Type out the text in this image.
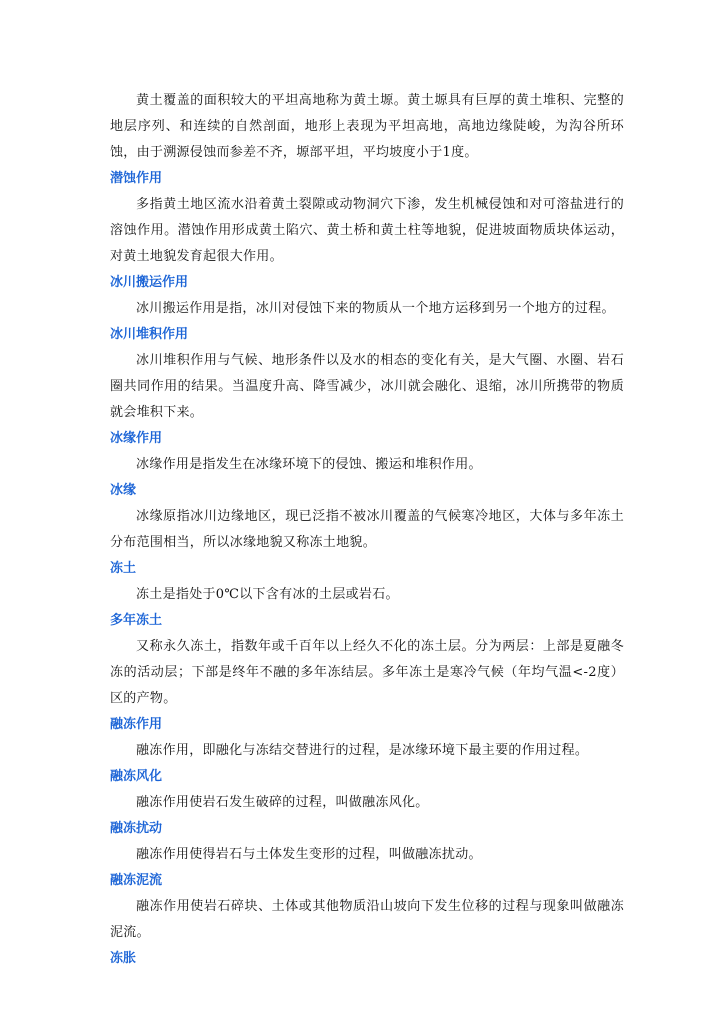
黄土覆盖的面积较大的平坦高地称为黄土塬。黄土塬具有巨厚的黄土堆积、完整的地层序列、和连续的自然剖面，地形上表现为平坦高地，高地边缘陡峻，为沟谷所环蚀，由于溯源侵蚀而参差不齐，塬部平坦，平均坡度小于1度。

潜蚀作用

多指黄土地区流水沿着黄土裂隙或动物洞穴下渗，发生机械侵蚀和对可溶盐进行的溶蚀作用。潜蚀作用形成黄土陷穴、黄土桥和黄土柱等地貌，促进坡面物质块体运动，对黄土地貌发育起很大作用。

冰川搬运作用

冰川搬运作用是指，冰川对侵蚀下来的物质从一个地方运移到另一个地方的过程。

冰川堆积作用

冰川堆积作用与气候、地形条件以及水的相态的变化有关，是大气圈、水圈、岩石圈共同作用的结果。当温度升高、降雪减少，冰川就会融化、退缩，冰川所携带的物质就会堆积下来。

冰缘作用

冰缘作用是指发生在冰缘环境下的侵蚀、搬运和堆积作用。

冰缘

冰缘原指冰川边缘地区，现已泛指不被冰川覆盖的气候寒冷地区，大体与多年冻土分布范围相当，所以冰缘地貌又称冻土地貌。

冻土

冻土是指处于0℃以下含有冰的土层或岩石。

多年冻土

又称永久冻土，指数年或千百年以上经久不化的冻土层。分为两层：上部是夏融冬冻的活动层；下部是终年不融的多年冻结层。多年冻土是寒冷气候（年均气温<-2度）区的产物。

融冻作用

融冻作用，即融化与冻结交替进行的过程，是冰缘环境下最主要的作用过程。

融冻风化

融冻作用使岩石发生破碎的过程，叫做融冻风化。

融冻扰动

融冻作用使得岩石与土体发生变形的过程，叫做融冻扰动。

融冻泥流

融冻作用使岩石碎块、土体或其他物质沿山坡向下发生位移的过程与现象叫做融冻泥流。

冻胀
